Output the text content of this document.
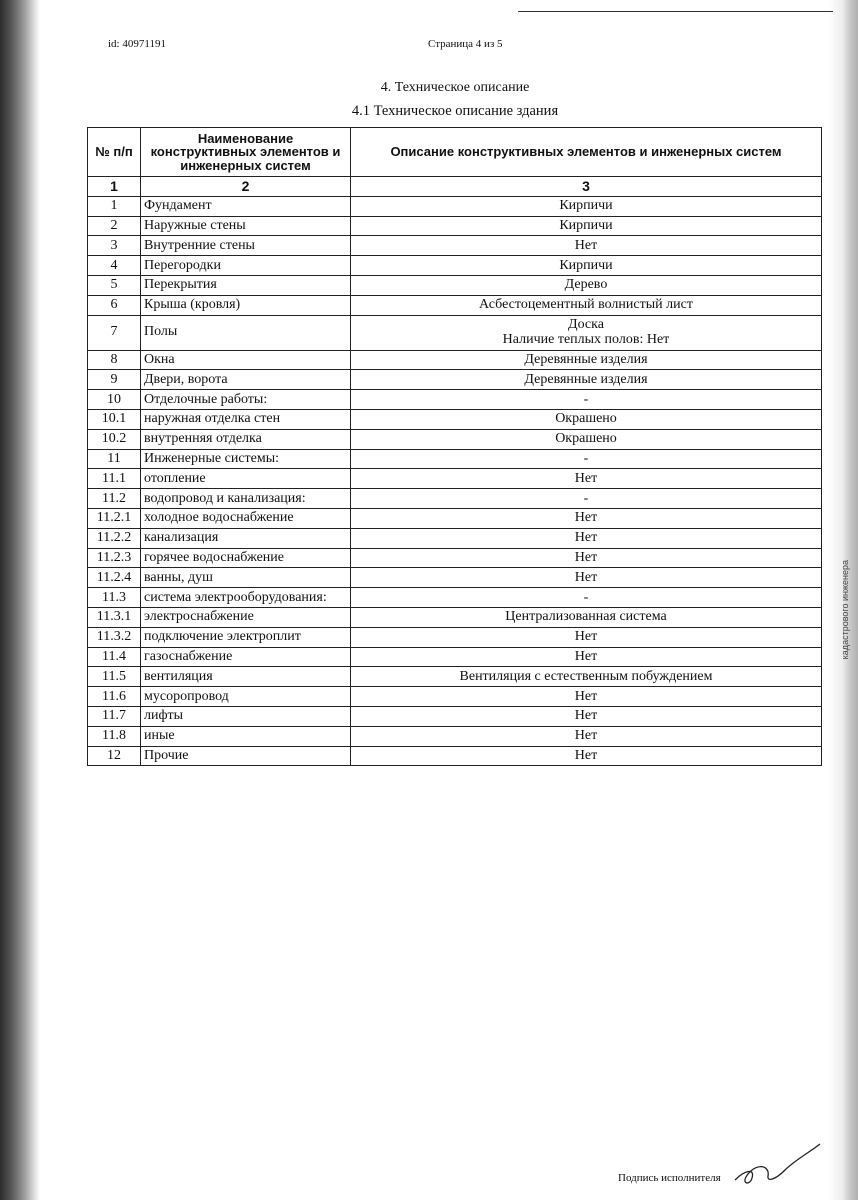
id: 40971191	Страница 4 из 5
4. Техническое описание
4.1 Техническое описание здания
№ п/п	Наименование конструктивных элементов и инженерных систем	Описание конструктивных элементов и инженерных систем
1	2	3
1	Фундамент	Кирпичи
2	Наружные стены	Кирпичи
3	Внутренние стены	Нет
4	Перегородки	Кирпичи
5	Перекрытия	Дерево
6	Крыша (кровля)	Асбестоцементный волнистый лист
7	Полы	Доска
Наличие теплых полов: Нет

8	Окна	Деревянные изделия
9	Двери, ворота	Деревянные изделия
10	Отделочные работы:	-
10.1	наружная отделка стен	Окрашено
10.2	внутренняя отделка	Окрашено
11	Инженерные системы:	-
11.1	отопление	Нет
11.2	водопровод и канализация:	-
11.2.1	холодное водоснабжение	Нет
11.2.2	канализация	Нет
11.2.3	горячее водоснабжение	Нет
11.2.4	ванны, душ	Нет
11.3	система электрооборудования:	-
11.3.1	электроснабжение	Централизованная система
11.3.2	подключение электроплит	Нет
11.4	газоснабжение	Нет
11.5	вентиляция	Вентиляция с естественным побуждением
11.6	мусоропровод	Нет
11.7	лифты	Нет
11.8	иные	Нет
12	Прочие	Нет
кадастрового инженера
Подпись исполнителя
